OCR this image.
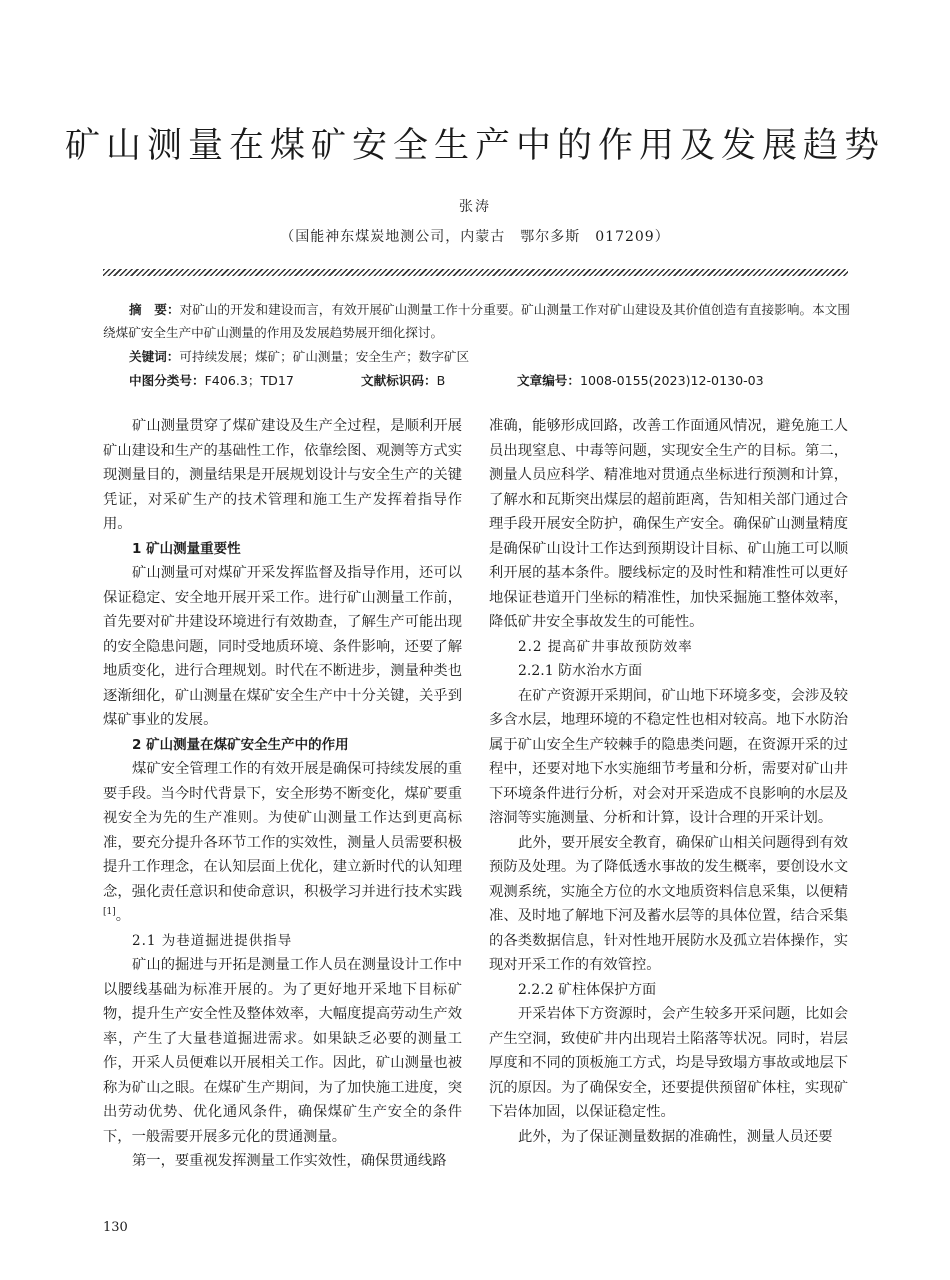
矿山测量在煤矿安全生产中的作用及发展趋势
张涛
（国能神东煤炭地测公司，内蒙古　鄂尔多斯　017209）

摘　要：对矿山的开发和建设而言，有效开展矿山测量工作十分重要。矿山测量工作对矿山建设及其价值创造有直接影响。本文围绕煤矿安全生产中矿山测量的作用及发展趋势展开细化探讨。

关键词：可持续发展；煤矿；矿山测量；安全生产；数字矿区
中图分类号：F406.3；TD17	文献标识码：B	文章编号：1008-0155(2023)12-0130-03

矿山测量贯穿了煤矿建设及生产全过程，是顺利开展矿山建设和生产的基础性工作，依靠绘图、观测等方式实现测量目的，测量结果是开展规划设计与安全生产的关键凭证，对采矿生产的技术管理和施工生产发挥着指导作用。

1 矿山测量重要性

矿山测量可对煤矿开采发挥监督及指导作用，还可以保证稳定、安全地开展开采工作。进行矿山测量工作前，首先要对矿井建设环境进行有效勘查，了解生产可能出现的安全隐患问题，同时受地质环境、条件影响，还要了解地质变化，进行合理规划。时代在不断进步，测量种类也逐渐细化，矿山测量在煤矿安全生产中十分关键，关乎到煤矿事业的发展。

2 矿山测量在煤矿安全生产中的作用

煤矿安全管理工作的有效开展是确保可持续发展的重要手段。当今时代背景下，安全形势不断变化，煤矿要重视安全为先的生产准则。为使矿山测量工作达到更高标准，要充分提升各环节工作的实效性，测量人员需要积极提升工作理念，在认知层面上优化，建立新时代的认知理念，强化责任意识和使命意识，积极学习并进行技术实践[1]。

2.1 为巷道掘进提供指导

矿山的掘进与开拓是测量工作人员在测量设计工作中以腰线基础为标准开展的。为了更好地开采地下目标矿物，提升生产安全性及整体效率，大幅度提高劳动生产效率，产生了大量巷道掘进需求。如果缺乏必要的测量工作，开采人员便难以开展相关工作。因此，矿山测量也被称为矿山之眼。在煤矿生产期间，为了加快施工进度，突出劳动优势、优化通风条件，确保煤矿生产安全的条件下，一般需要开展多元化的贯通测量。

第一，要重视发挥测量工作实效性，确保贯通线路

准确，能够形成回路，改善工作面通风情况，避免施工人员出现窒息、中毒等问题，实现安全生产的目标。第二，测量人员应科学、精准地对贯通点坐标进行预测和计算，了解水和瓦斯突出煤层的超前距离，告知相关部门通过合理手段开展安全防护，确保生产安全。确保矿山测量精度是确保矿山设计工作达到预期设计目标、矿山施工可以顺利开展的基本条件。腰线标定的及时性和精准性可以更好地保证巷道开门坐标的精准性，加快采掘施工整体效率，降低矿井安全事故发生的可能性。

2.2 提高矿井事故预防效率

2.2.1 防水治水方面

在矿产资源开采期间，矿山地下环境多变，会涉及较多含水层，地理环境的不稳定性也相对较高。地下水防治属于矿山安全生产较棘手的隐患类问题，在资源开采的过程中，还要对地下水实施细节考量和分析，需要对矿山井下环境条件进行分析，对会对开采造成不良影响的水层及溶洞等实施测量、分析和计算，设计合理的开采计划。

此外，要开展安全教育，确保矿山相关问题得到有效预防及处理。为了降低透水事故的发生概率，要创设水文观测系统，实施全方位的水文地质资料信息采集，以便精准、及时地了解地下河及蓄水层等的具体位置，结合采集的各类数据信息，针对性地开展防水及孤立岩体操作，实现对开采工作的有效管控。

2.2.2 矿柱体保护方面

开采岩体下方资源时，会产生较多开采问题，比如会产生空洞，致使矿井内出现岩土陷落等状况。同时，岩层厚度和不同的顶板施工方式，均是导致塌方事故或地层下沉的原因。为了确保安全，还要提供预留矿体柱，实现矿下岩体加固，以保证稳定性。

此外，为了保证测量数据的准确性，测量人员还要

130
